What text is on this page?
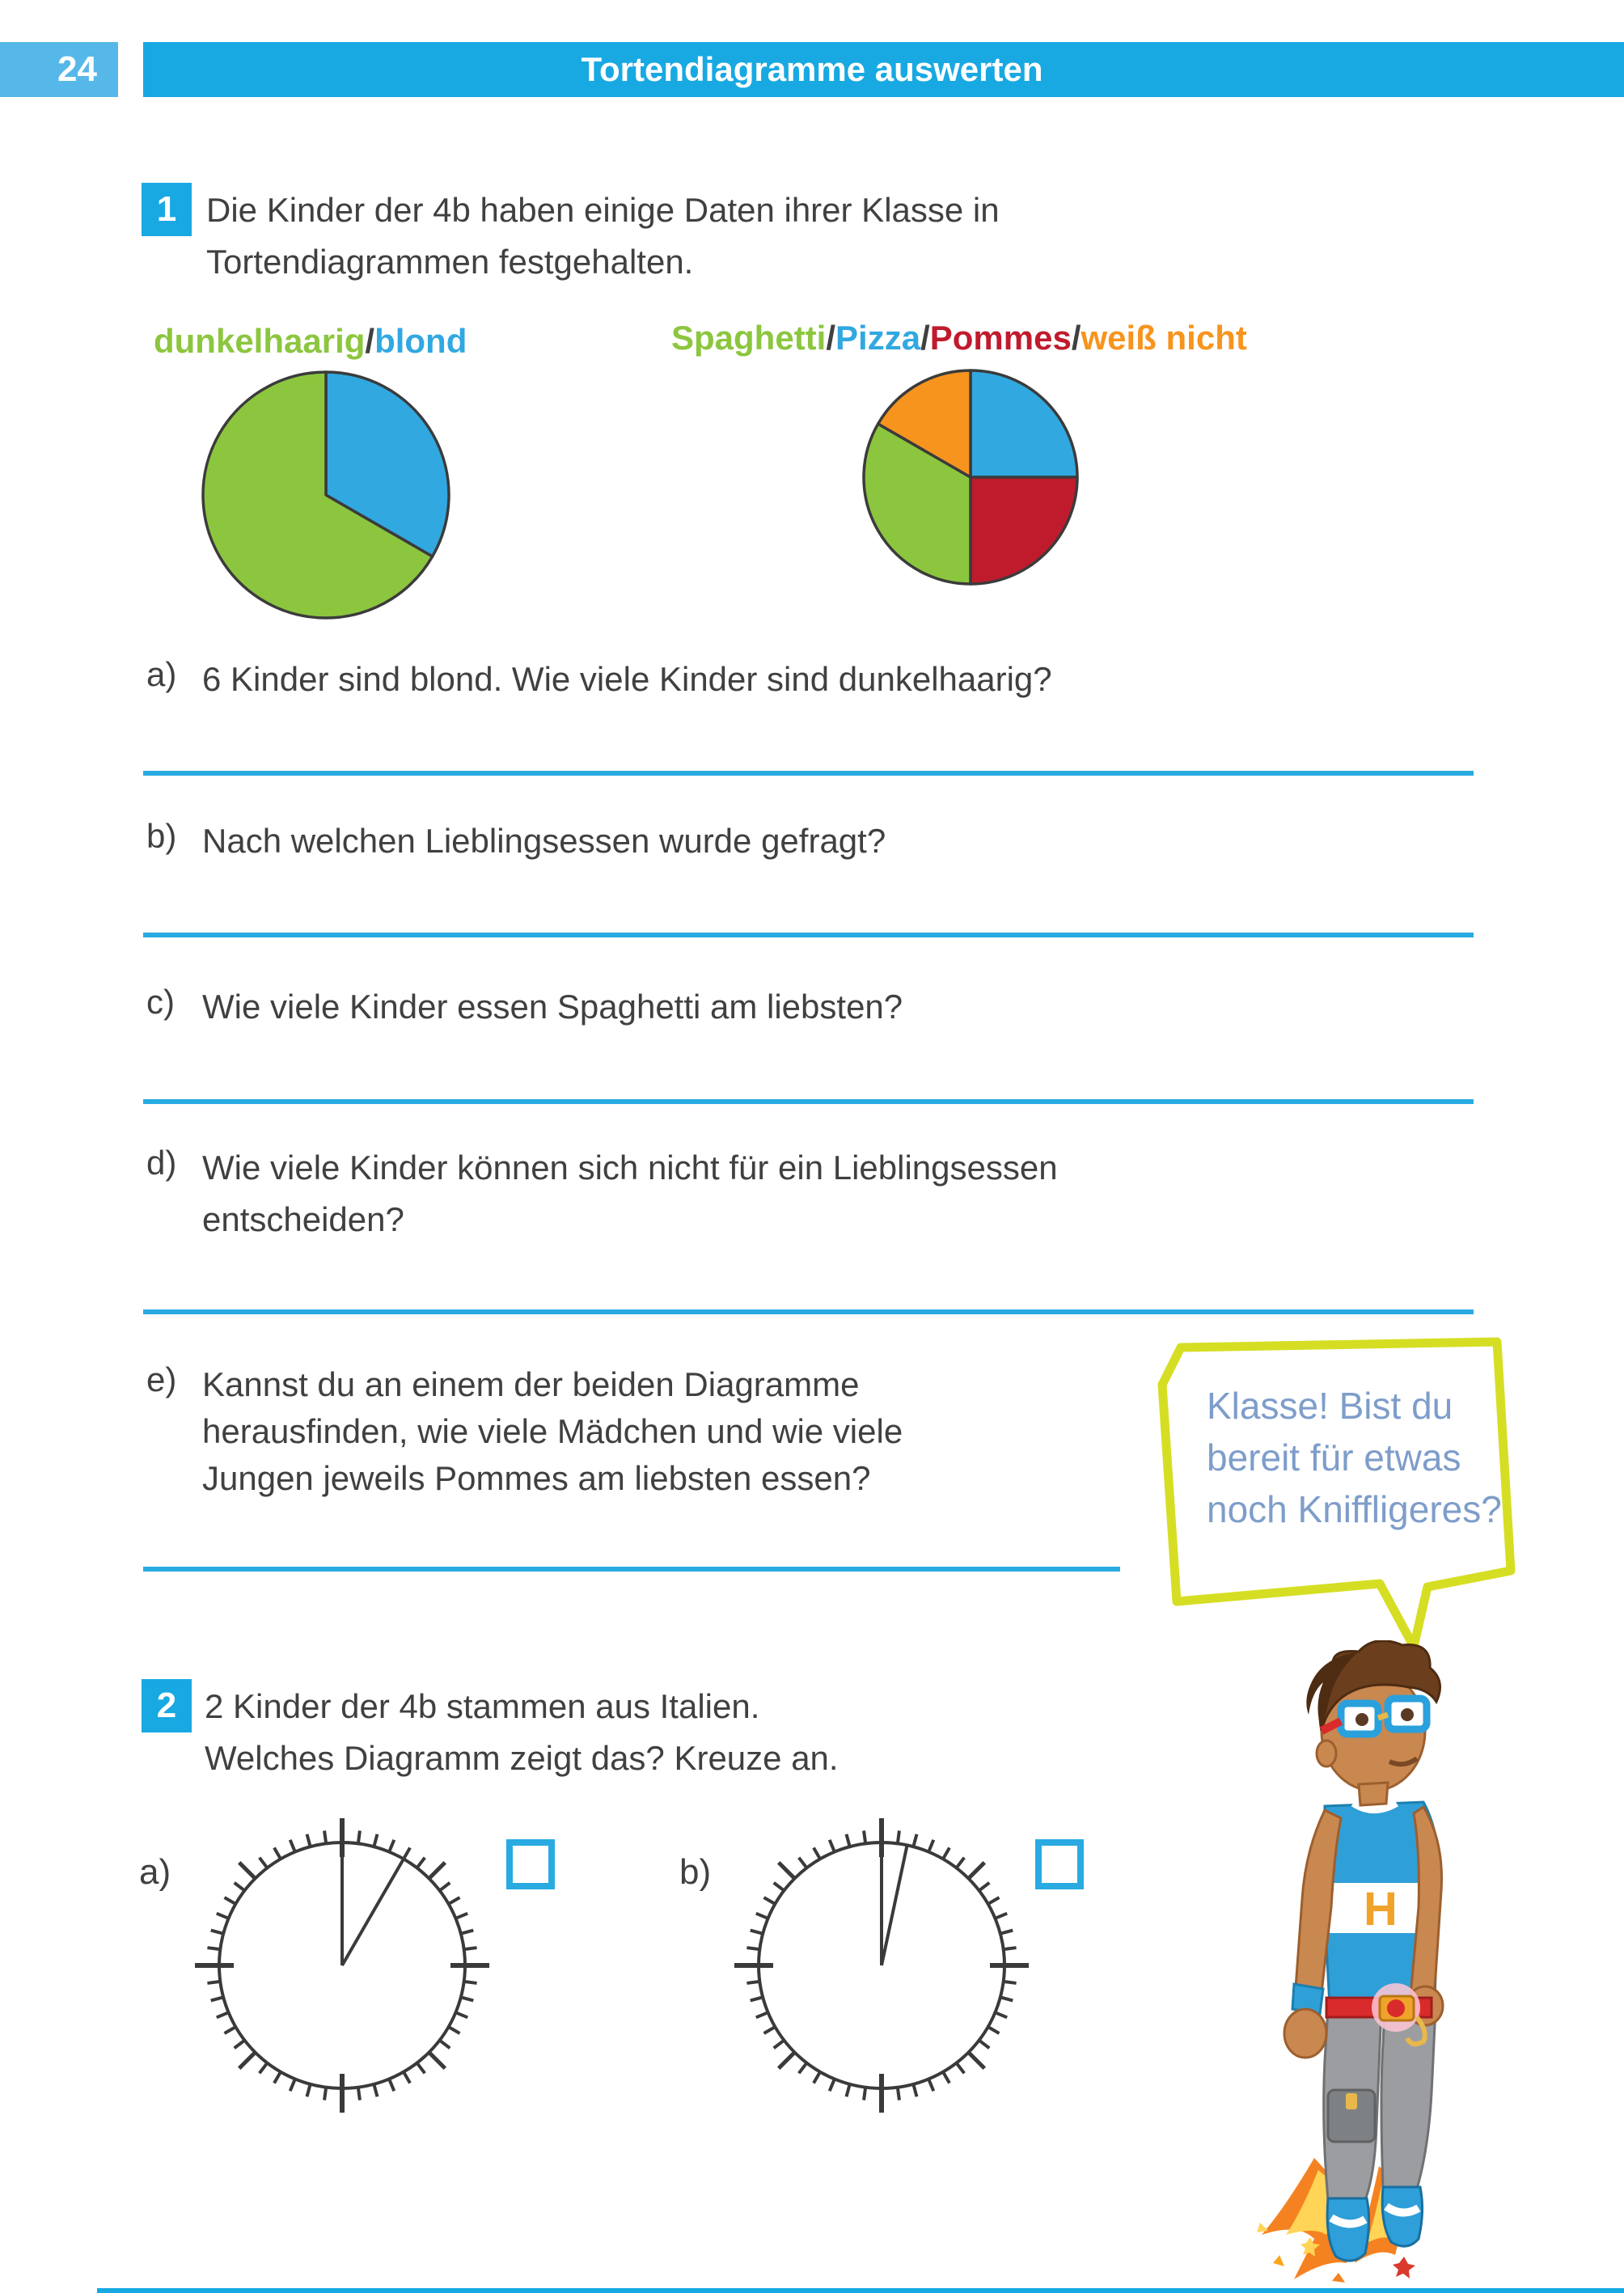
24	Tortendiagramme auswerten
1 Die Kinder der 4b haben einige Daten ihrer Klasse in
Tortendiagrammen festgehalten.
dunkelhaarig/blond	Spaghetti/Pizza/Pommes/weiß nicht
a) 6 Kinder sind blond. Wie viele Kinder sind dunkelhaarig?
b) Nach welchen Lieblingsessen wurde gefragt?
c) Wie viele Kinder essen Spaghetti am liebsten?
d) Wie viele Kinder können sich nicht für ein Lieblingsessen
entscheiden?
e) Kannst du an einem der beiden Diagramme
herausfinden, wie viele Mädchen und wie viele
Jungen jeweils Pommes am liebsten essen?
Klasse! Bist du
bereit für etwas
noch Kniffligeres?
H
2 2 Kinder der 4b stammen aus Italien.
Welches Diagramm zeigt das? Kreuze an.
a)	b)
